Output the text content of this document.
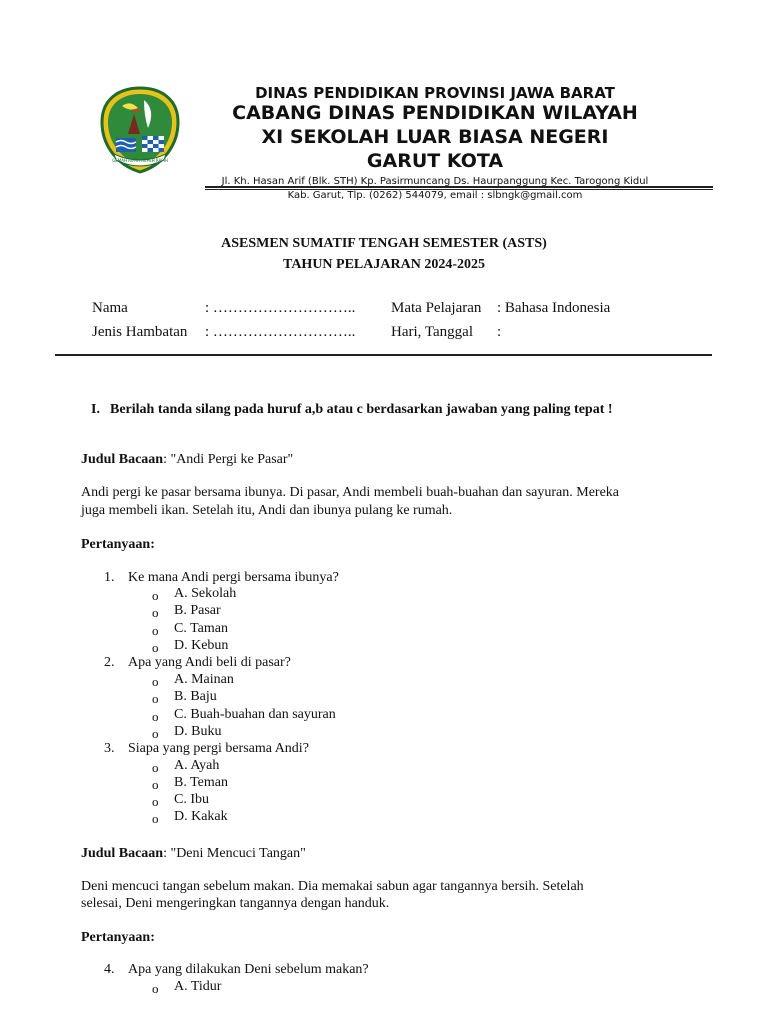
GEMAH RIPAH REPEH RAPIH
DINAS PENDIDIKAN PROVINSI JAWA BARAT
CABANG DINAS PENDIDIKAN WILAYAH
XI SEKOLAH LUAR BIASA NEGERI
GARUT KOTA
Jl. Kh. Hasan Arif (Blk. STH) Kp. Pasirmuncang Ds. Haurpanggung Kec. Tarogong Kidul
Kab. Garut, Tlp. (0262) 544079, email : slbngk@gmail.com
ASESMEN SUMATIF TENGAH SEMESTER (ASTS)
TAHUN PELAJARAN 2024-2025
Nama	: ………………………..
Jenis Hambatan : ………………………..
Mata Pelajaran : Bahasa Indonesia
Hari, Tanggal :
I. Berilah tanda silang pada huruf a,b atau c berdasarkan jawaban yang paling tepat !
Judul Bacaan: "Andi Pergi ke Pasar"
Andi pergi ke pasar bersama ibunya. Di pasar, Andi membeli buah-buahan dan sayuran. Mereka
juga membeli ikan. Setelah itu, Andi dan ibunya pulang ke rumah.
Pertanyaan:
1. Ke mana Andi pergi bersama ibunya?
o A. Sekolah
o B. Pasar
o C. Taman
o D. Kebun
2. Apa yang Andi beli di pasar?
o A. Mainan
o B. Baju
o C. Buah-buahan dan sayuran
o D. Buku
3. Siapa yang pergi bersama Andi?
o A. Ayah
o B. Teman
o C. Ibu
o D. Kakak
Judul Bacaan: "Deni Mencuci Tangan"
Deni mencuci tangan sebelum makan. Dia memakai sabun agar tangannya bersih. Setelah
selesai, Deni mengeringkan tangannya dengan handuk.
Pertanyaan:
4. Apa yang dilakukan Deni sebelum makan?
o A. Tidur
